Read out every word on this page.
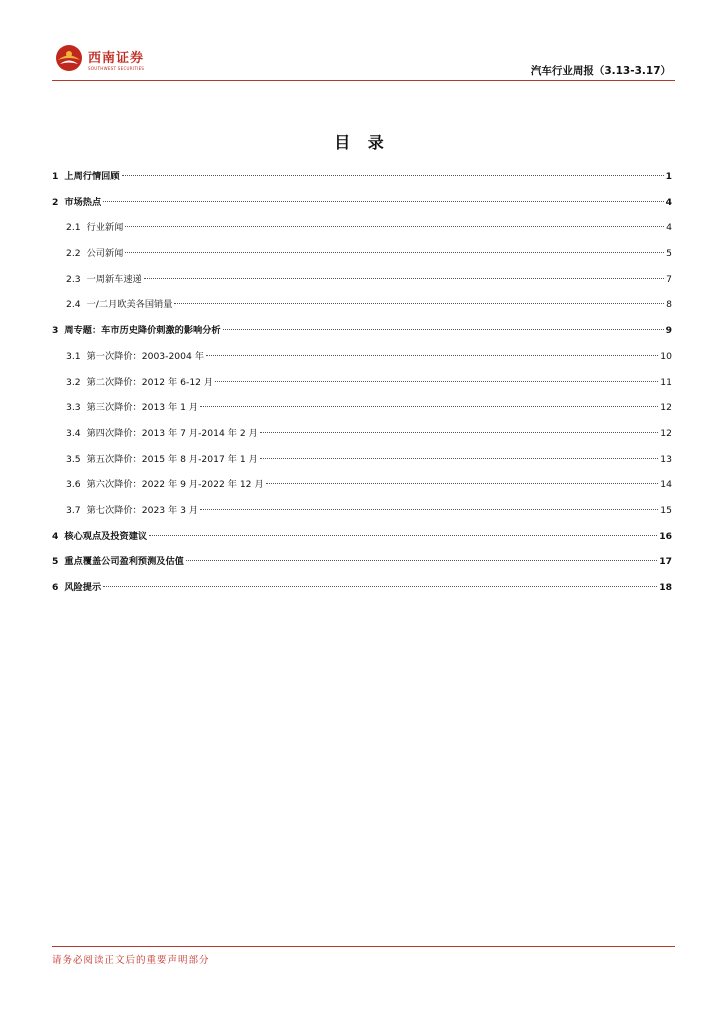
西南证券
SOUTHWEST SECURITIES	汽车行业周报（3.13-3.17）
目 录
1 上周行情回顾	1
2 市场热点	4
2.1 行业新闻	4
2.2 公司新闻	5
2.3 一周新车速递	7
2.4 一/二月欧美各国销量	8
3 周专题：车市历史降价刺激的影响分析	9
3.1 第一次降价：2003-2004 年	10
3.2 第二次降价：2012 年 6-12 月	11
3.3 第三次降价：2013 年 1 月	12
3.4 第四次降价：2013 年 7 月-2014 年 2 月	12
3.5 第五次降价：2015 年 8 月-2017 年 1 月	13
3.6 第六次降价：2022 年 9 月-2022 年 12 月	14
3.7 第七次降价：2023 年 3 月	15
4 核心观点及投资建议	16
5 重点覆盖公司盈利预测及估值	17
6 风险提示	18
请务必阅读正文后的重要声明部分
